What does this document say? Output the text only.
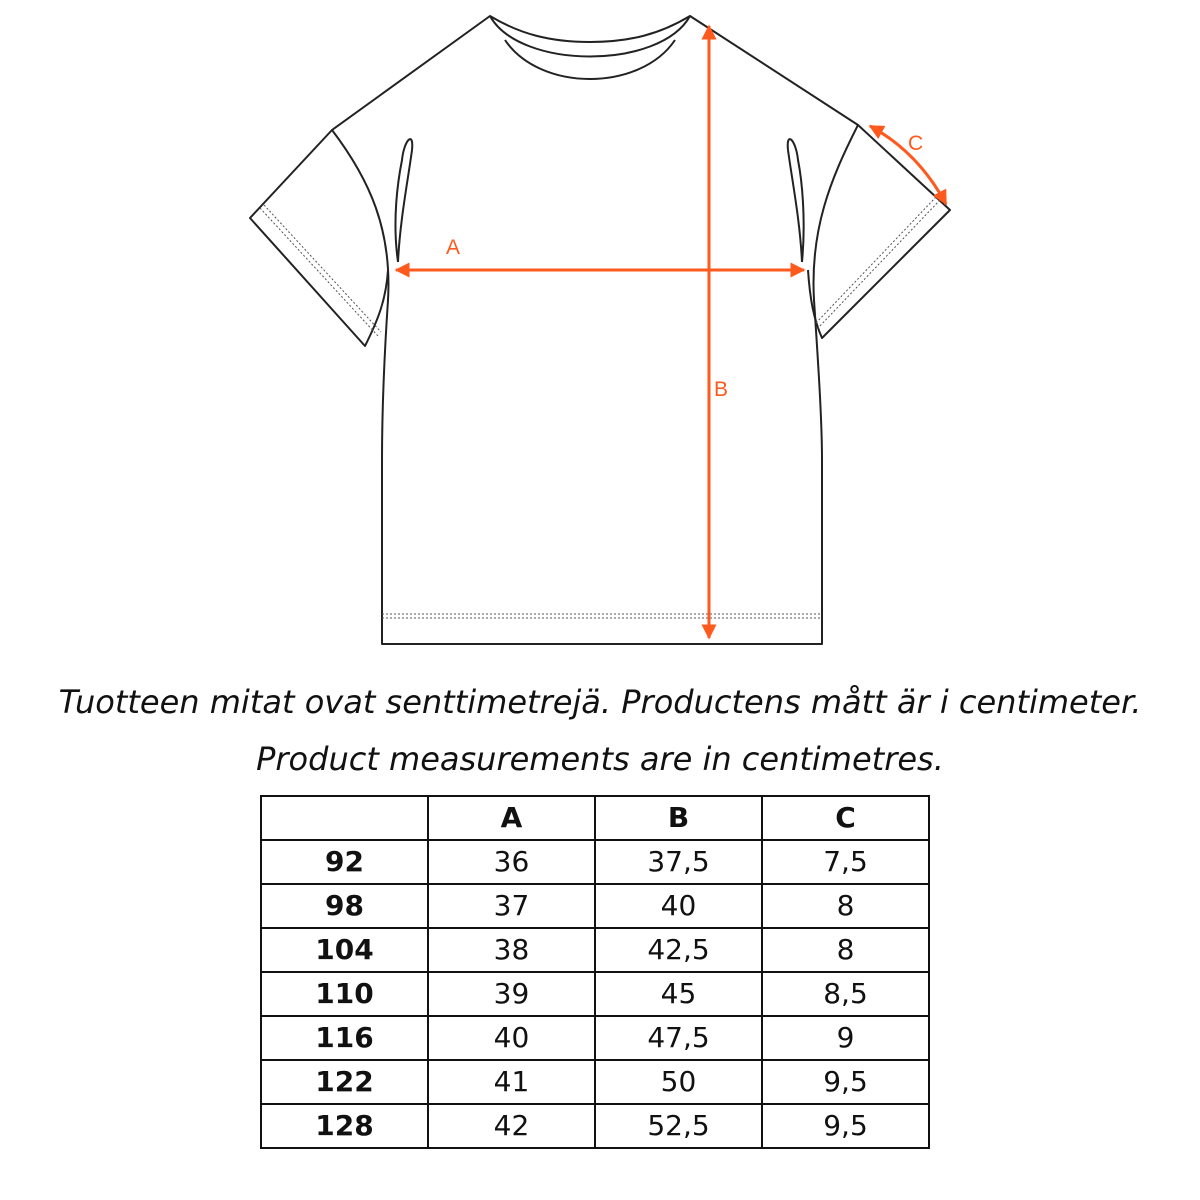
A
B
C
Tuotteen mitat ovat senttimetrejä. Productens mått är i centimeter.
Product measurements are in centimetres.
	A	B	C
92	36	37,5	7,5
98	37	40	8
104	38	42,5	8
110	39	45	8,5
116	40	47,5	9
122	41	50	9,5
128	42	52,5	9,5
